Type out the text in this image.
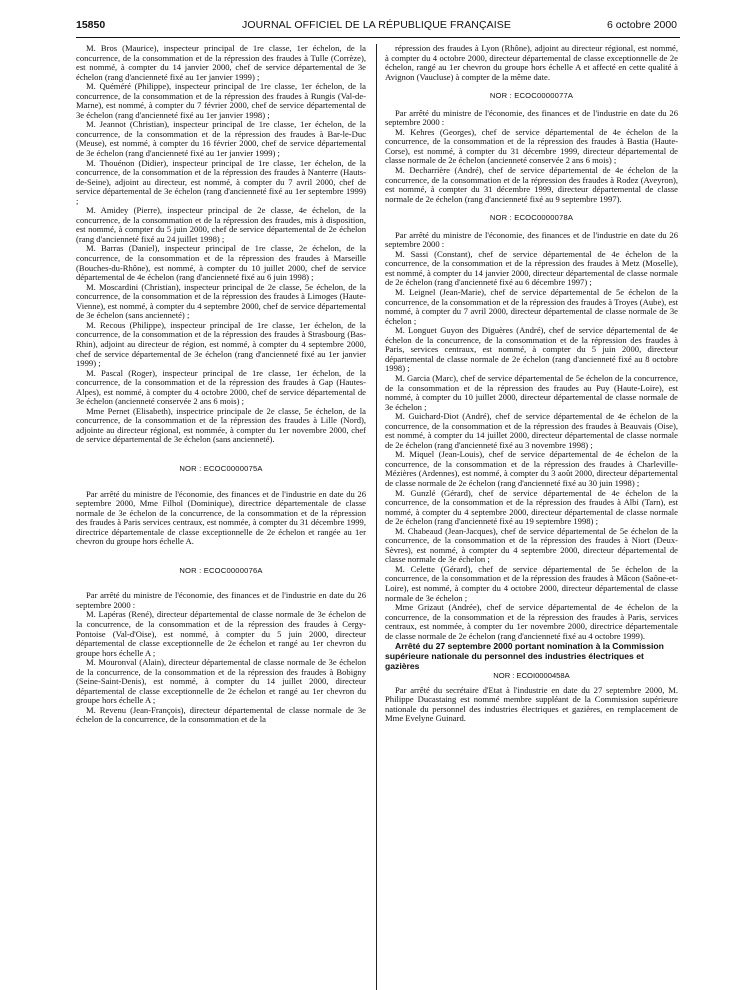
15850	JOURNAL OFFICIEL DE LA RÉPUBLIQUE FRANÇAISE	6 octobre 2000

M. Bros (Maurice), inspecteur principal de 1re classe, 1er échelon, de la concurrence, de la consommation et de la répression des fraudes à Tulle (Corrèze), est nommé, à compter du 14 janvier 2000, chef de service départemental de 3e échelon (rang d'ancienneté fixé au 1er janvier 1999) ;

M. Quéméré (Philippe), inspecteur principal de 1re classe, 1er échelon, de la concurrence, de la consommation et de la répression des fraudes à Rungis (Val-de-Marne), est nommé, à compter du 7 février 2000, chef de service départemental de 3e échelon (rang d'ancienneté fixé au 1er janvier 1998) ;

M. Jeannot (Christian), inspecteur principal de 1re classe, 1er échelon, de la concurrence, de la consommation et de la répression des fraudes à Bar-le-Duc (Meuse), est nommé, à compter du 16 février 2000, chef de service départemental de 3e échelon (rang d'ancienneté fixé au 1er janvier 1999) ;

M. Thouénon (Didier), inspecteur principal de 1re classe, 1er échelon, de la concurrence, de la consommation et de la répression des fraudes à Nanterre (Hauts-de-Seine), adjoint au directeur, est nommé, à compter du 7 avril 2000, chef de service départemental de 3e échelon (rang d'ancienneté fixé au 1er septembre 1999) ;

M. Amidey (Pierre), inspecteur principal de 2e classe, 4e échelon, de la concurrence, de la consommation et de la répression des fraudes, mis à disposition, est nommé, à compter du 5 juin 2000, chef de service départemental de 2e échelon (rang d'ancienneté fixé au 24 juillet 1998) ;

M. Barras (Daniel), inspecteur principal de 1re classe, 2e échelon, de la concurrence, de la consommation et de la répression des fraudes à Marseille (Bouches-du-Rhône), est nommé, à compter du 10 juillet 2000, chef de service départemental de 4e échelon (rang d'ancienneté fixé au 6 juin 1998) ;

M. Moscardini (Christian), inspecteur principal de 2e classe, 5e échelon, de la concurrence, de la consommation et de la répression des fraudes à Limoges (Haute-Vienne), est nommé, à compter du 4 septembre 2000, chef de service départemental de 3e échelon (sans ancienneté) ;

M. Recous (Philippe), inspecteur principal de 1re classe, 1er échelon, de la concurrence, de la consommation et de la répression des fraudes à Strasbourg (Bas-Rhin), adjoint au directeur de région, est nommé, à compter du 4 septembre 2000, chef de service départemental de 3e échelon (rang d'ancienneté fixé au 1er janvier 1999) ;

M. Pascal (Roger), inspecteur principal de 1re classe, 1er échelon, de la concurrence, de la consommation et de la répression des fraudes à Gap (Hautes-Alpes), est nommé, à compter du 4 octobre 2000, chef de service départemental de 3e échelon (ancienneté conservée 2 ans 6 mois) ;

Mme Pernet (Elisabeth), inspectrice principale de 2e classe, 5e échelon, de la concurrence, de la consommation et de la répression des fraudes à Lille (Nord), adjointe au directeur régional, est nommée, à compter du 1er novembre 2000, chef de service départemental de 3e échelon (sans ancienneté).

NOR : ECOC0000075A

Par arrêté du ministre de l'économie, des finances et de l'industrie en date du 26 septembre 2000, Mme Filhol (Dominique), directrice départementale de classe normale de 3e échelon de la concurrence, de la consommation et de la répression des fraudes à Paris services centraux, est nommée, à compter du 31 décembre 1999, directrice départementale de classe exceptionnelle de 2e échelon et rangée au 1er chevron du groupe hors échelle A.

NOR : ECOC0000076A

Par arrêté du ministre de l'économie, des finances et de l'industrie en date du 26 septembre 2000 :

M. Lapéras (René), directeur départemental de classe normale de 3e échelon de la concurrence, de la consommation et de la répression des fraudes à Cergy-Pontoise (Val-d'Oise), est nommé, à compter du 5 juin 2000, directeur départemental de classe exceptionnelle de 2e échelon et rangé au 1er chevron du groupe hors échelle A ;

M. Mouronval (Alain), directeur départemental de classe normale de 3e échelon de la concurrence, de la consommation et de la répression des fraudes à Bobigny (Seine-Saint-Denis), est nommé, à compter du 14 juillet 2000, directeur départemental de classe exceptionnelle de 2e échelon et rangé au 1er chevron du groupe hors échelle A ;

M. Revenu (Jean-François), directeur départemental de classe normale de 3e échelon de la concurrence, de la consommation et de la

répression des fraudes à Lyon (Rhône), adjoint au directeur régional, est nommé, à compter du 4 octobre 2000, directeur départemental de classe exceptionnelle de 2e échelon, rangé au 1er chevron du groupe hors échelle A et affecté en cette qualité à Avignon (Vaucluse) à compter de la même date.

NOR : ECOC0000077A

Par arrêté du ministre de l'économie, des finances et de l'industrie en date du 26 septembre 2000 :

M. Kehres (Georges), chef de service départemental de 4e échelon de la concurrence, de la consommation et de la répression des fraudes à Bastia (Haute-Corse), est nommé, à compter du 31 décembre 1999, directeur départemental de classe normale de 2e échelon (ancienneté conservée 2 ans 6 mois) ;

M. Decharrière (André), chef de service départemental de 4e échelon de la concurrence, de la consommation et de la répression des fraudes à Rodez (Aveyron), est nommé, à compter du 31 décembre 1999, directeur départemental de classe normale de 2e échelon (rang d'ancienneté fixé au 9 septembre 1997).

NOR : ECOC0000078A

Par arrêté du ministre de l'économie, des finances et de l'industrie en date du 26 septembre 2000 :

M. Sassi (Constant), chef de service départemental de 4e échelon de la concurrence, de la consommation et de la répression des fraudes à Metz (Moselle), est nommé, à compter du 14 janvier 2000, directeur départemental de classe normale de 2e échelon (rang d'ancienneté fixé au 6 décembre 1997) ;

M. Leignel (Jean-Marie), chef de service départemental de 5e échelon de la concurrence, de la consommation et de la répression des fraudes à Troyes (Aube), est nommé, à compter du 7 avril 2000, directeur départemental de classe normale de 3e échelon ;

M. Longuet Guyon des Diguères (André), chef de service départemental de 4e échelon de la concurrence, de la consommation et de la répression des fraudes à Paris, services centraux, est nommé, à compter du 5 juin 2000, directeur départemental de classe normale de 2e échelon (rang d'ancienneté fixé au 8 octobre 1998) ;

M. Garcia (Marc), chef de service départemental de 5e échelon de la concurrence, de la consommation et de la répression des fraudes au Puy (Haute-Loire), est nommé, à compter du 10 juillet 2000, directeur départemental de classe normale de 3e échelon ;

M. Guichard-Diot (André), chef de service départemental de 4e échelon de la concurrence, de la consommation et de la répression des fraudes à Beauvais (Oise), est nommé, à compter du 14 juillet 2000, directeur départemental de classe normale de 2e échelon (rang d'ancienneté fixé au 3 novembre 1998) ;

M. Miquel (Jean-Louis), chef de service départemental de 4e échelon de la concurrence, de la consommation et de la répression des fraudes à Charleville-Mézières (Ardennes), est nommé, à compter du 3 août 2000, directeur départemental de classe normale de 2e échelon (rang d'ancienneté fixé au 30 juin 1998) ;

M. Gunzlé (Gérard), chef de service départemental de 4e échelon de la concurrence, de la consommation et de la répression des fraudes à Albi (Tarn), est nommé, à compter du 4 septembre 2000, directeur départemental de classe normale de 2e échelon (rang d'ancienneté fixé au 19 septembre 1998) ;

M. Chabeaud (Jean-Jacques), chef de service départemental de 5e échelon de la concurrence, de la consommation et de la répression des fraudes à Niort (Deux-Sèvres), est nommé, à compter du 4 septembre 2000, directeur départemental de classe normale de 3e échelon ;

M. Celette (Gérard), chef de service départemental de 5e échelon de la concurrence, de la consommation et de la répression des fraudes à Mâcon (Saône-et-Loire), est nommé, à compter du 4 octobre 2000, directeur départemental de classe normale de 3e échelon ;

Mme Grizaut (Andrée), chef de service départemental de 4e échelon de la concurrence, de la consommation et de la répression des fraudes à Paris, services centraux, est nommée, à compter du 1er novembre 2000, directrice départementale de classe normale de 2e échelon (rang d'ancienneté fixé au 4 octobre 1999).

Arrêté du 27 septembre 2000 portant nomination à la Commission supérieure nationale du personnel des industries électriques et gazières

NOR : ECOI0000458A

Par arrêté du secrétaire d'Etat à l'industrie en date du 27 septembre 2000, M. Philippe Ducastaing est nommé membre suppléant de la Commission supérieure nationale du personnel des industries électriques et gazières, en remplacement de Mme Evelyne Guinard.
